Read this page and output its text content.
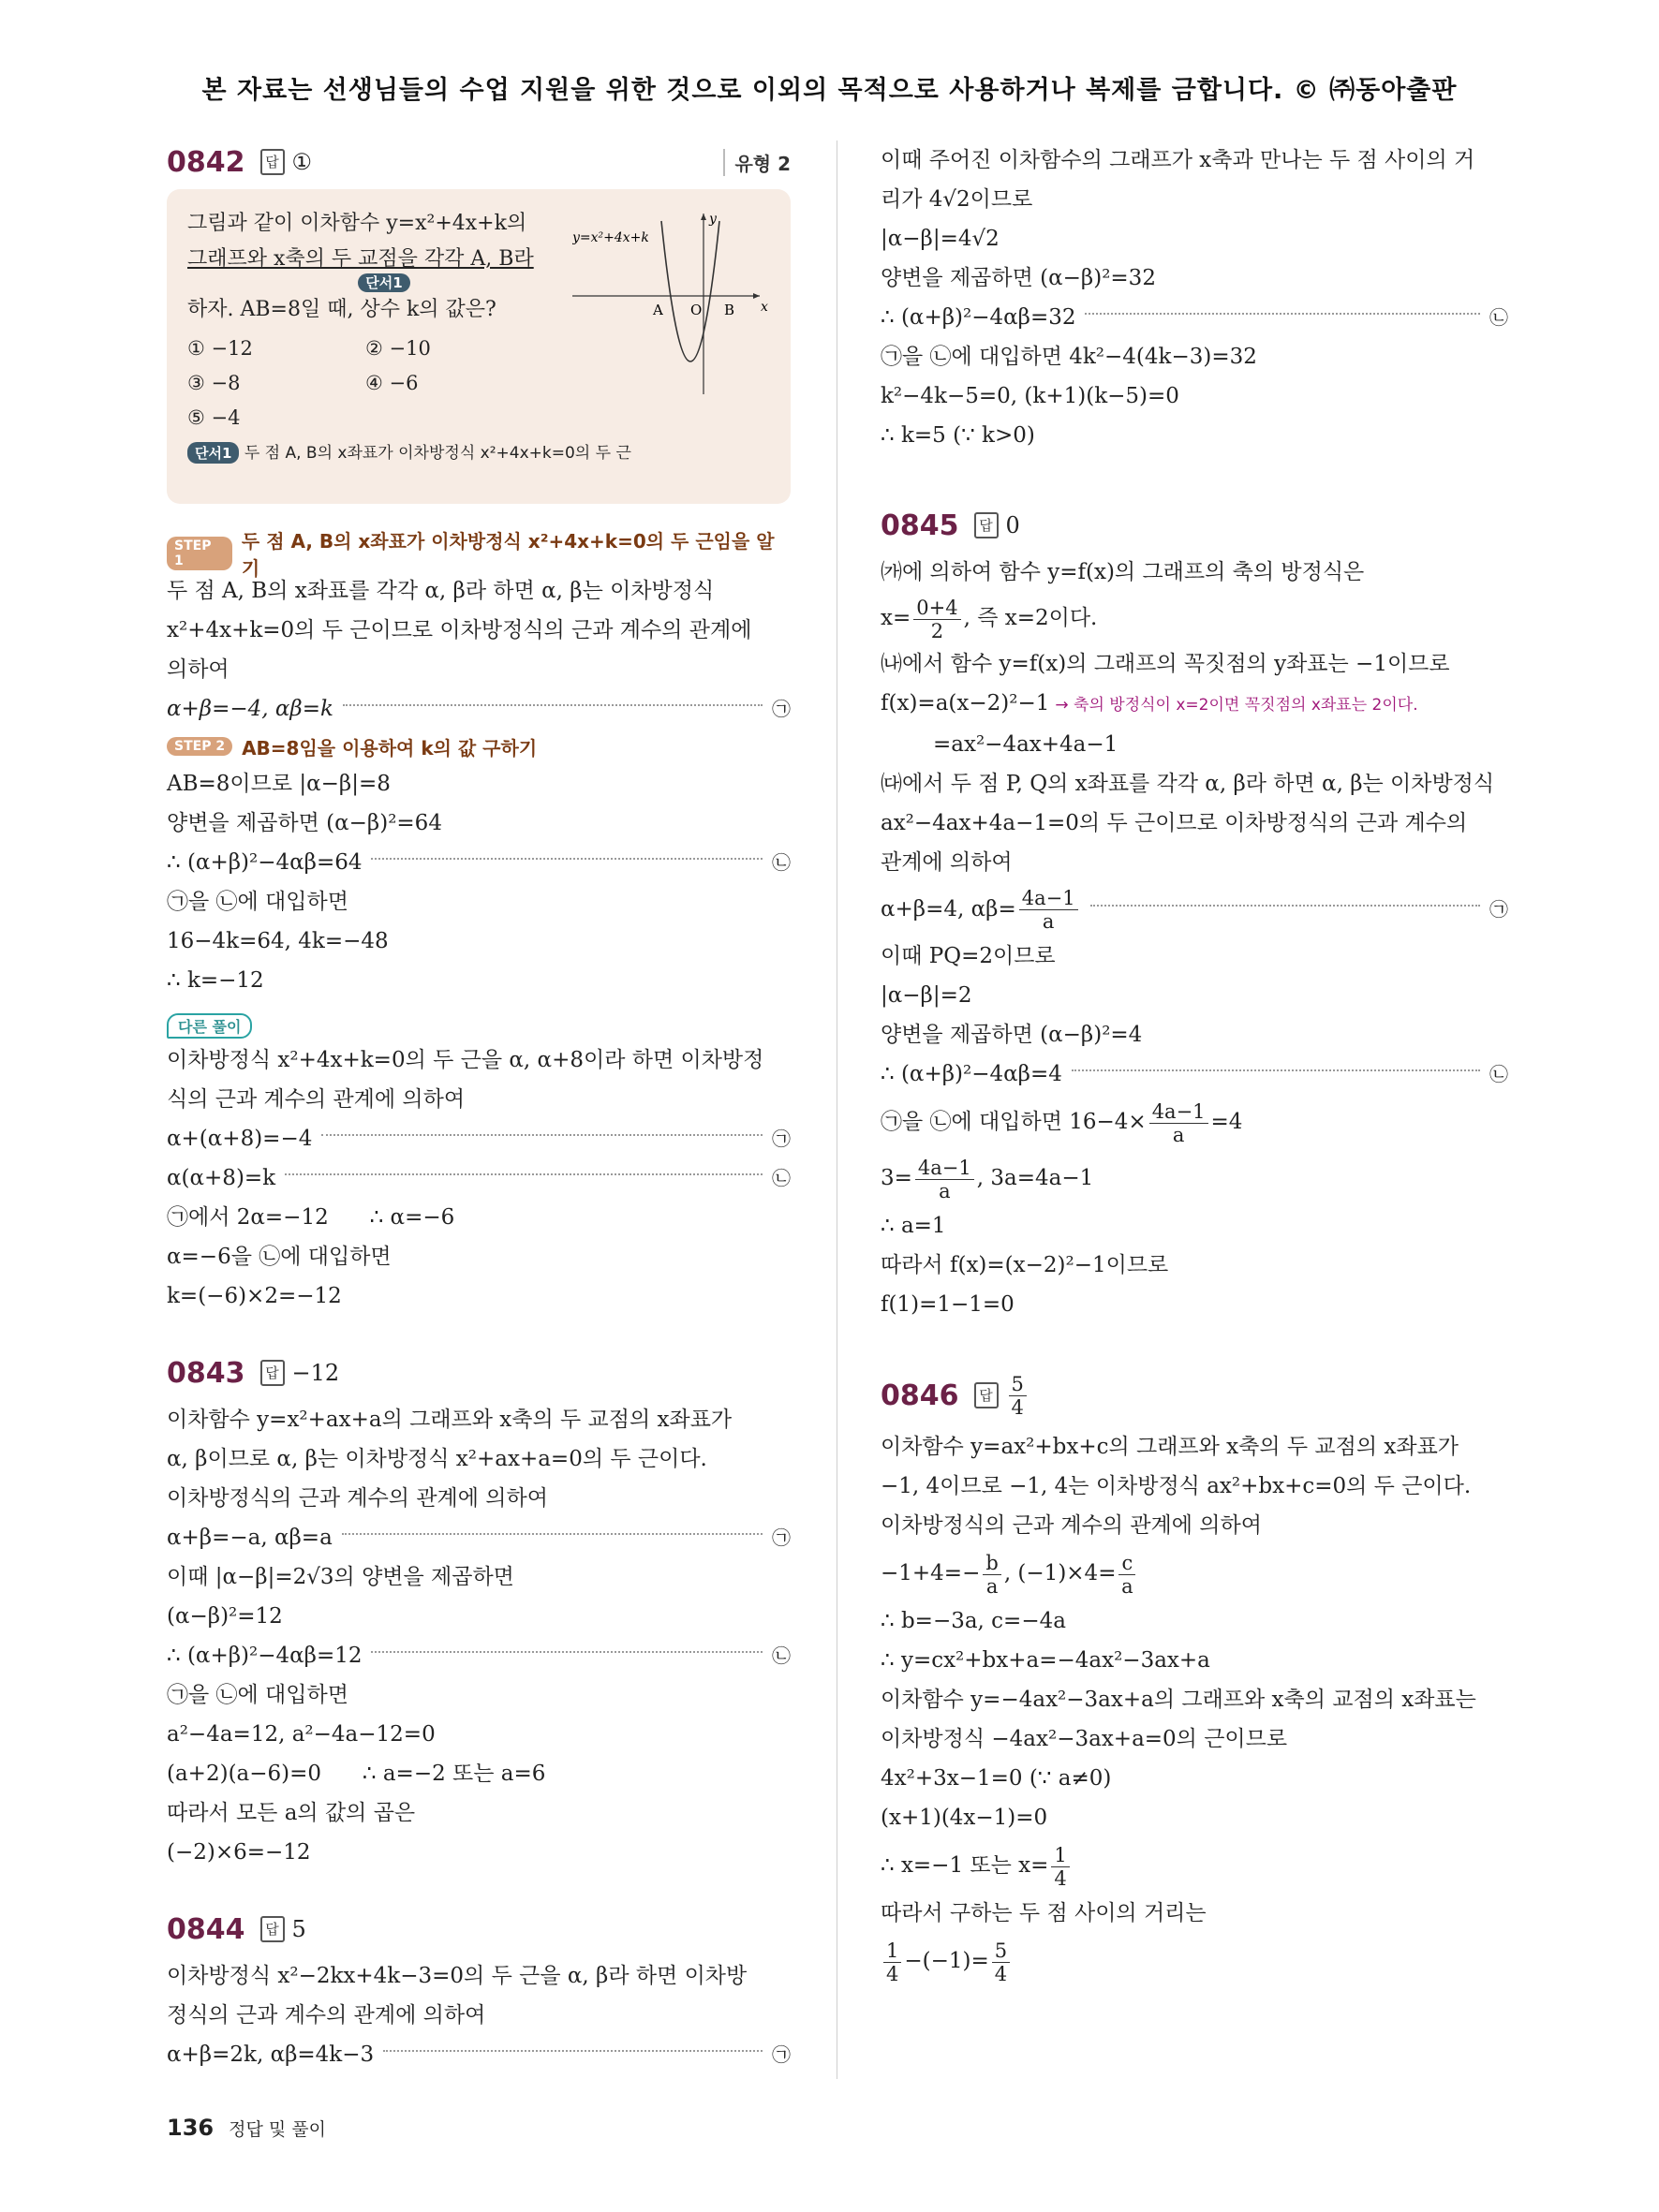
본 자료는 선생님들의 수업 지원을 위한 것으로 이외의 목적으로 사용하거나 복제를 금합니다. © ㈜동아출판
0842	답 ①	유형 2
그림과 같이 이차함수 y=x²+4x+k의
그래프와 x축의 두 교점을 각각 A, B라
단서1
하자. AB=8일 때, 상수 k의 값은?
① −12	② −10
③ −8	④ −6
⑤ −4
단서1 두 점 A, B의 x좌표가 이차방정식 x²+4x+k=0의 두 근
y=x²+4x+k
y
x
A O B
STEP 1
두 점 A, B의 x좌표가 이차방정식 x²+4x+k=0의 두 근임을 알기
두 점 A, B의 x좌표를 각각 α, β라 하면 α, β는 이차방정식
x²+4x+k=0의 두 근이므로 이차방정식의 근과 계수의 관계에
의하여
α+β=−4, αβ=k	㉠
STEP 2 AB=8임을 이용하여 k의 값 구하기
AB=8이므로 |α−β|=8
양변을 제곱하면 (α−β)²=64
∴ (α+β)²−4αβ=64	㉡
㉠을 ㉡에 대입하면
16−4k=64, 4k=−48
∴ k=−12
다른 풀이
이차방정식 x²+4x+k=0의 두 근을 α, α+8이라 하면 이차방정
식의 근과 계수의 관계에 의하여
α+(α+8)=−4	㉠
α(α+8)=k	㉡
㉠에서 2α=−12      ∴ α=−6
α=−6을 ㉡에 대입하면
k=(−6)×2=−12
0843	답 −12
이차함수 y=x²+ax+a의 그래프와 x축의 두 교점의 x좌표가
α, β이므로 α, β는 이차방정식 x²+ax+a=0의 두 근이다.
이차방정식의 근과 계수의 관계에 의하여
α+β=−a, αβ=a	㉠
이때 |α−β|=2√3의 양변을 제곱하면
(α−β)²=12
∴ (α+β)²−4αβ=12	㉡
㉠을 ㉡에 대입하면
a²−4a=12, a²−4a−12=0
(a+2)(a−6)=0      ∴ a=−2 또는 a=6
따라서 모든 a의 값의 곱은
(−2)×6=−12
0844	답 5
이차방정식 x²−2kx+4k−3=0의 두 근을 α, β라 하면 이차방
정식의 근과 계수의 관계에 의하여
α+β=2k, αβ=4k−3	㉠
이때 주어진 이차함수의 그래프가 x축과 만나는 두 점 사이의 거
리가 4√2이므로
|α−β|=4√2
양변을 제곱하면 (α−β)²=32
∴ (α+β)²−4αβ=32	㉡
㉠을 ㉡에 대입하면 4k²−4(4k−3)=32
k²−4k−5=0, (k+1)(k−5)=0
∴ k=5 (∵ k>0)
0845	답 0
㈎에 의하여 함수 y=f(x)의 그래프의 축의 방정식은
$x= \frac{0+4}{2}$ , 즉 x=2이다.
㈏에서 함수 y=f(x)의 그래프의 꼭짓점의 y좌표는 −1이므로
f(x)=a(x−2)²−1 → 축의 방정식이 x=2이면 꼭짓점의 x좌표는 2이다.
=ax²−4ax+4a−1
㈐에서 두 점 P, Q의 x좌표를 각각 α, β라 하면 α, β는 이차방정식
ax²−4ax+4a−1=0의 두 근이므로 이차방정식의 근과 계수의
관계에 의하여
α+β=4, $\alpha\beta= \frac{4a-1}{a}$	㉠
이때 PQ=2이므로
|α−β|=2
양변을 제곱하면 (α−β)²=4
∴ (α+β)²−4αβ=4	㉡
㉠을 ㉡에 대입하면 $16-4\times \frac{4a-1}{a} =4$
$3= \frac{4a-1}{a}$ , 3a=4a−1
∴ a=1
따라서 f(x)=(x−2)²−1이므로
f(1)=1−1=0
0846	답 $\frac{5}{4}$
이차함수 y=ax²+bx+c의 그래프와 x축의 두 교점의 x좌표가
−1, 4이므로 −1, 4는 이차방정식 ax²+bx+c=0의 두 근이다.
이차방정식의 근과 계수의 관계에 의하여
$-1+4=- \frac{b}{a}$ , $(-1)\times 4= \frac{c}{a}$
∴ b=−3a, c=−4a
∴ y=cx²+bx+a=−4ax²−3ax+a
이차함수 y=−4ax²−3ax+a의 그래프와 x축의 교점의 x좌표는
이차방정식 −4ax²−3ax+a=0의 근이므로
4x²+3x−1=0 (∵ a≠0)
(x+1)(4x−1)=0
∴ x=−1 또는 $x= \frac{1}{4}$
따라서 구하는 두 점 사이의 거리는
$\frac{1}{4} -(-1)= \frac{5}{4}$
136 정답 및 풀이
